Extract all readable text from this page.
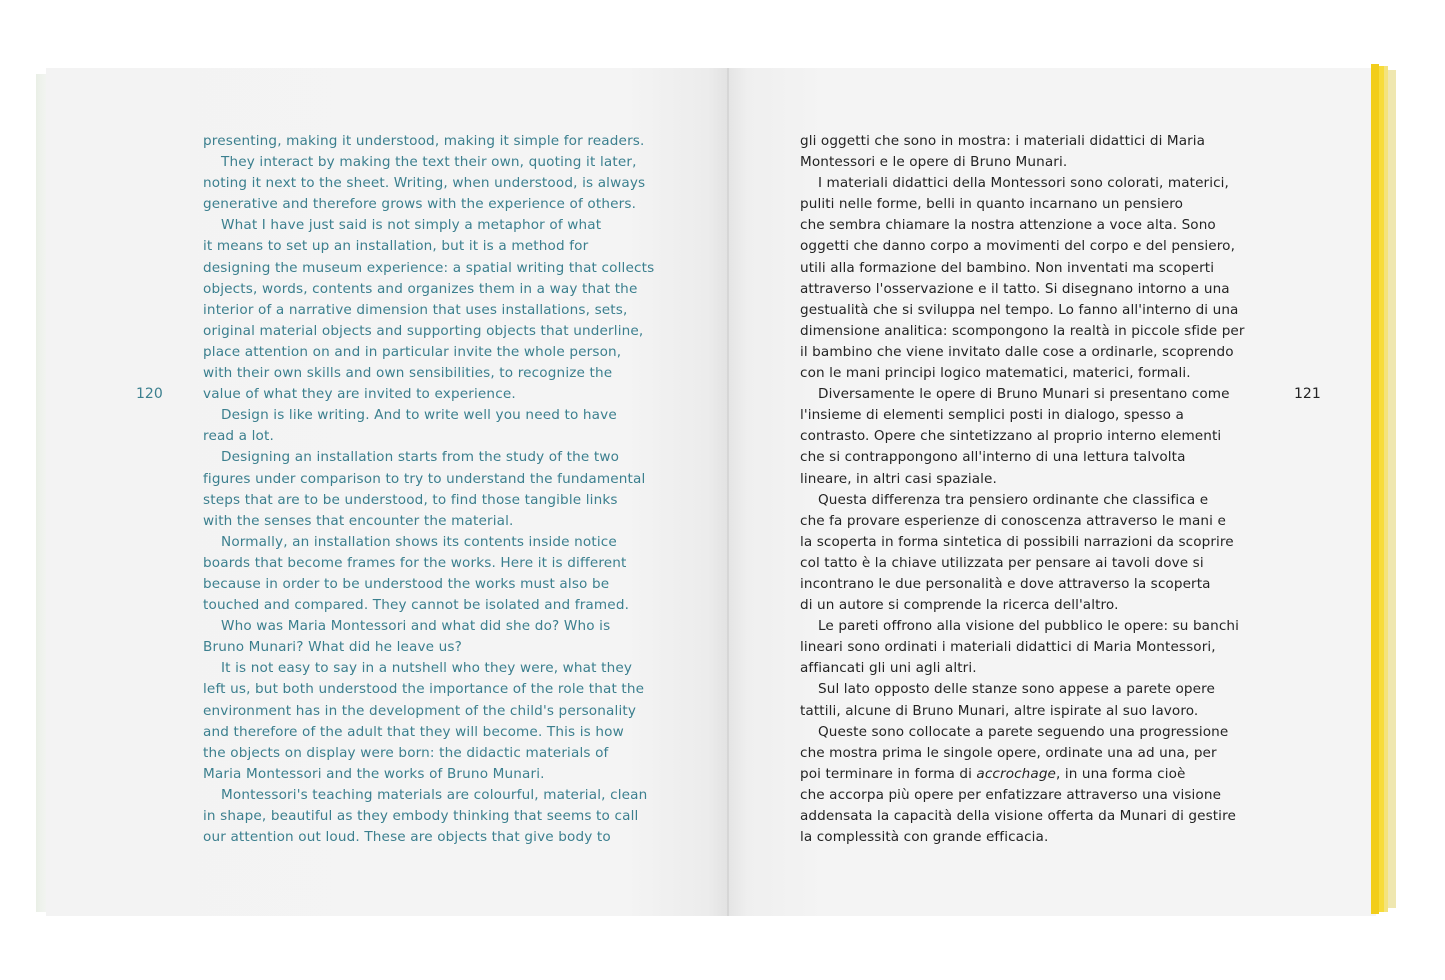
120	121
presenting, making it understood, making it simple for readers.
They interact by making the text their own, quoting it later,
noting it next to the sheet. Writing, when understood, is always
generative and therefore grows with the experience of others.
What I have just said is not simply a metaphor of what
it means to set up an installation, but it is a method for
designing the museum experience: a spatial writing that collects
objects, words, contents and organizes them in a way that the
interior of a narrative dimension that uses installations, sets,
original material objects and supporting objects that underline,
place attention on and in particular invite the whole person,
with their own skills and own sensibilities, to recognize the
value of what they are invited to experience.
Design is like writing. And to write well you need to have
read a lot.
Designing an installation starts from the study of the two
figures under comparison to try to understand the fundamental
steps that are to be understood, to find those tangible links
with the senses that encounter the material.
Normally, an installation shows its contents inside notice
boards that become frames for the works. Here it is different
because in order to be understood the works must also be
touched and compared. They cannot be isolated and framed.
Who was Maria Montessori and what did she do? Who is
Bruno Munari? What did he leave us?
It is not easy to say in a nutshell who they were, what they
left us, but both understood the importance of the role that the
environment has in the development of the child's personality
and therefore of the adult that they will become. This is how
the objects on display were born: the didactic materials of
Maria Montessori and the works of Bruno Munari.
Montessori's teaching materials are colourful, material, clean
in shape, beautiful as they embody thinking that seems to call
our attention out loud. These are objects that give body to
gli oggetti che sono in mostra: i materiali didattici di Maria
Montessori e le opere di Bruno Munari.
I materiali didattici della Montessori sono colorati, materici,
puliti nelle forme, belli in quanto incarnano un pensiero
che sembra chiamare la nostra attenzione a voce alta. Sono
oggetti che danno corpo a movimenti del corpo e del pensiero,
utili alla formazione del bambino. Non inventati ma scoperti
attraverso l'osservazione e il tatto. Si disegnano intorno a una
gestualità che si sviluppa nel tempo. Lo fanno all'interno di una
dimensione analitica: scompongono la realtà in piccole sfide per
il bambino che viene invitato dalle cose a ordinarle, scoprendo
con le mani principi logico matematici, materici, formali.
Diversamente le opere di Bruno Munari si presentano come
l'insieme di elementi semplici posti in dialogo, spesso a
contrasto. Opere che sintetizzano al proprio interno elementi
che si contrappongono all'interno di una lettura talvolta
lineare, in altri casi spaziale.
Questa differenza tra pensiero ordinante che classifica e
che fa provare esperienze di conoscenza attraverso le mani e
la scoperta in forma sintetica di possibili narrazioni da scoprire
col tatto è la chiave utilizzata per pensare ai tavoli dove si
incontrano le due personalità e dove attraverso la scoperta
di un autore si comprende la ricerca dell'altro.
Le pareti offrono alla visione del pubblico le opere: su banchi
lineari sono ordinati i materiali didattici di Maria Montessori,
affiancati gli uni agli altri.
Sul lato opposto delle stanze sono appese a parete opere
tattili, alcune di Bruno Munari, altre ispirate al suo lavoro.
Queste sono collocate a parete seguendo una progressione
che mostra prima le singole opere, ordinate una ad una, per
poi terminare in forma di accrochage, in una forma cioè
che accorpa più opere per enfatizzare attraverso una visione
addensata la capacità della visione offerta da Munari di gestire
la complessità con grande efficacia.
